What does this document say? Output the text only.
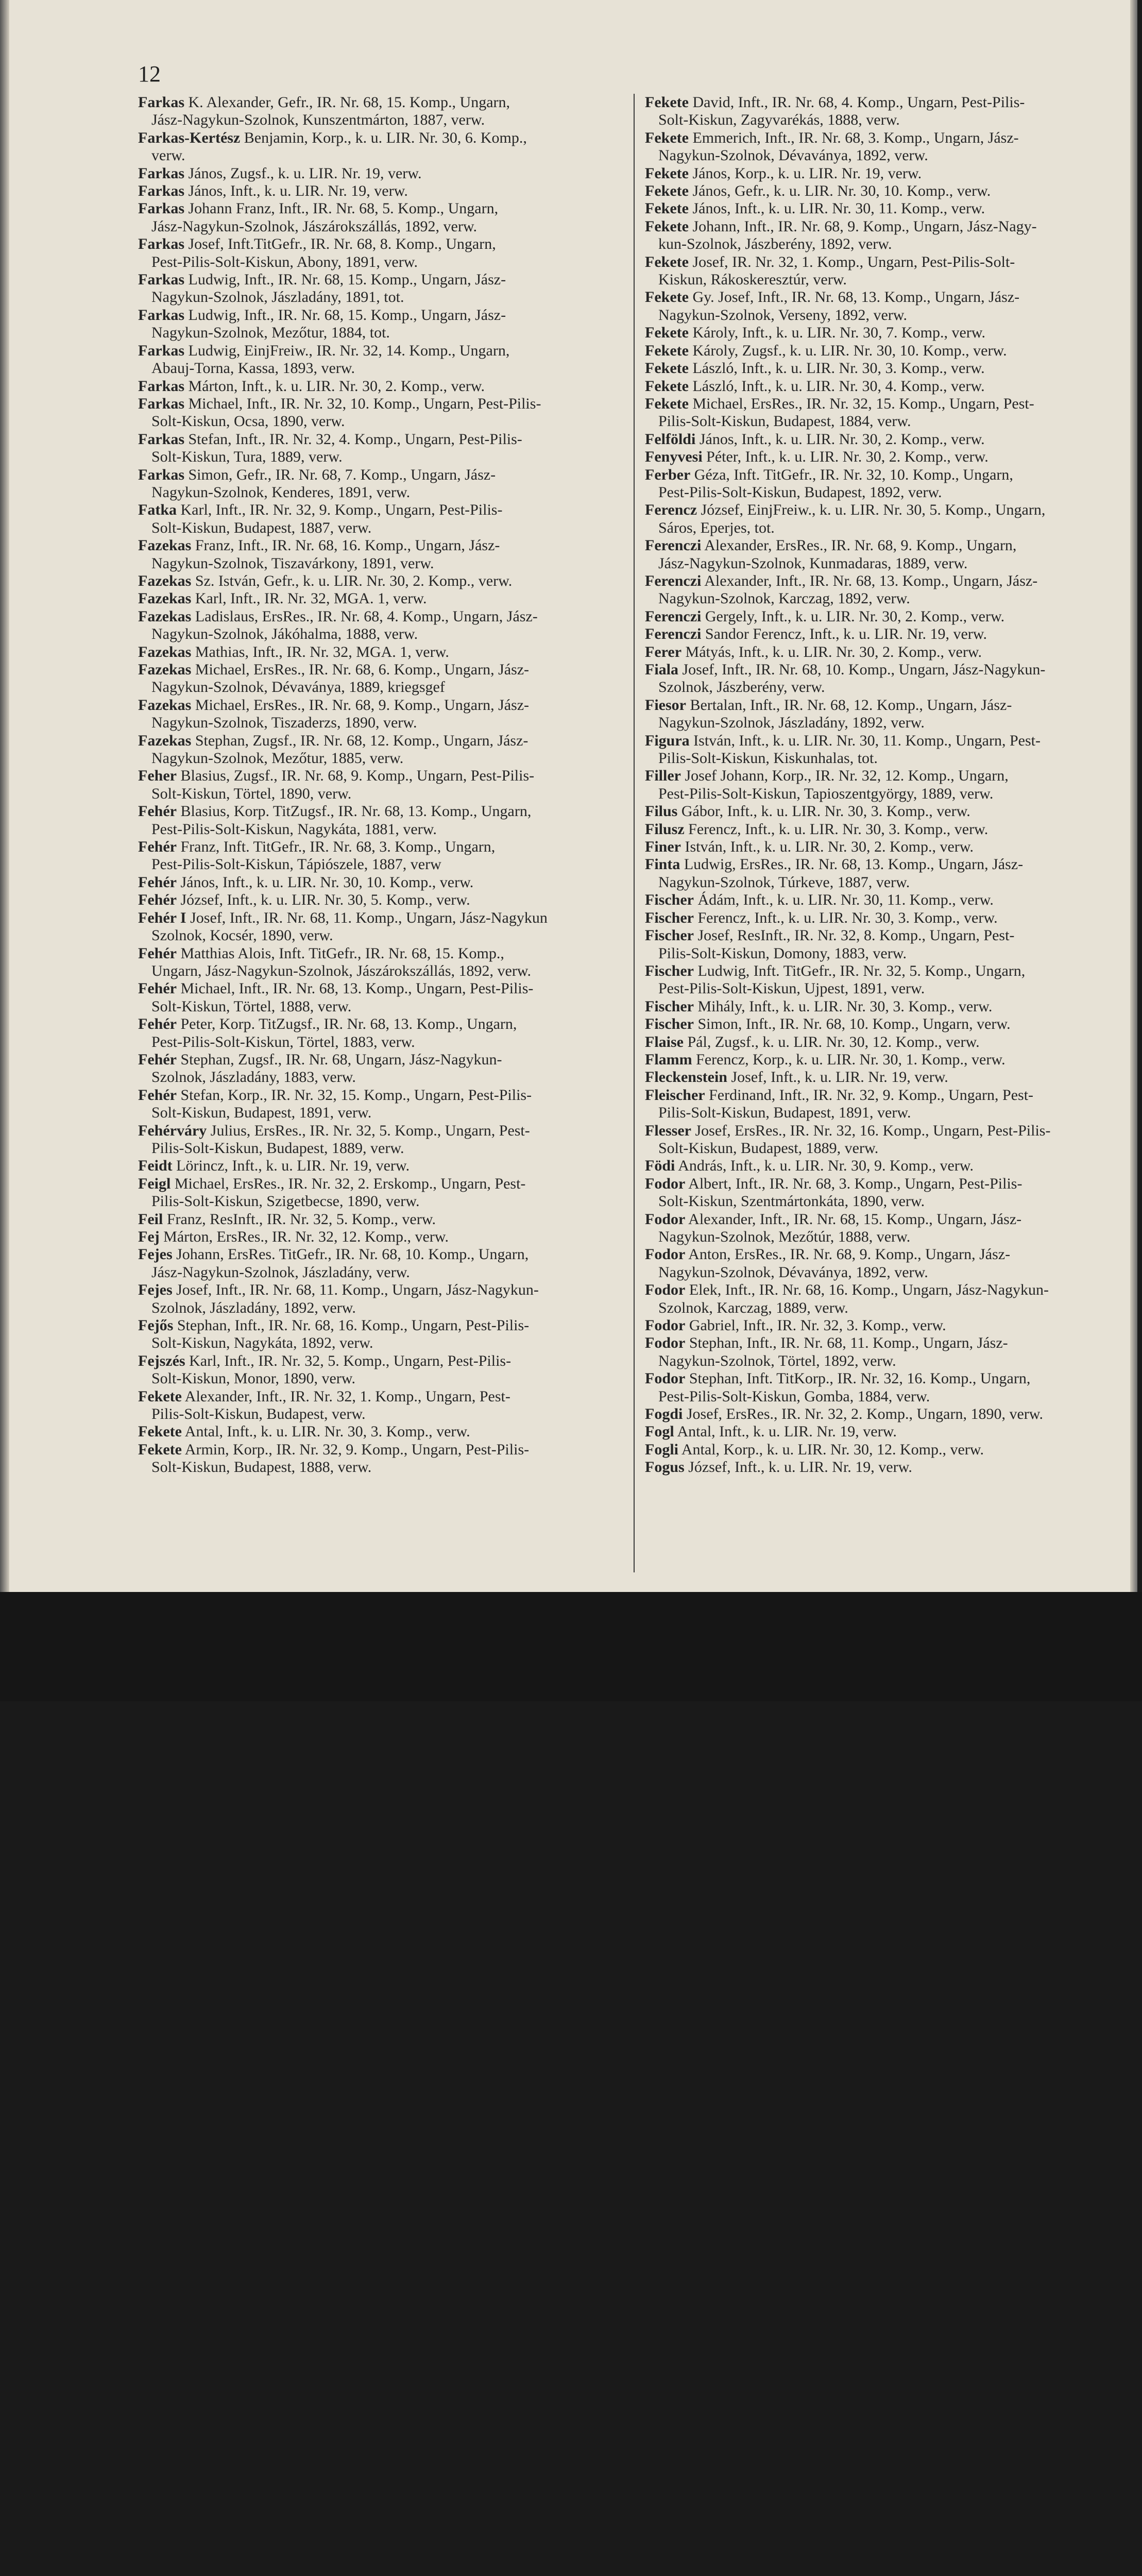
12
Farkas K. Alexander, Gefr., IR. Nr. 68, 15. Komp., Ungarn,
Jász-Nagykun-Szolnok, Kunszentmárton, 1887, verw.
Farkas-Kertész Benjamin, Korp., k. u. LIR. Nr. 30, 6. Komp.,
verw.
Farkas János, Zugsf., k. u. LIR. Nr. 19, verw.
Farkas János, Inft., k. u. LIR. Nr. 19, verw.
Farkas Johann Franz, Inft., IR. Nr. 68, 5. Komp., Ungarn,
Jász-Nagykun-Szolnok, Jászárokszállás, 1892, verw.
Farkas Josef, Inft.TitGefr., IR. Nr. 68, 8. Komp., Ungarn,
Pest-Pilis-Solt-Kiskun, Abony, 1891, verw.
Farkas Ludwig, Inft., IR. Nr. 68, 15. Komp., Ungarn, Jász-
Nagykun-Szolnok, Jászladány, 1891, tot.
Farkas Ludwig, Inft., IR. Nr. 68, 15. Komp., Ungarn, Jász-
Nagykun-Szolnok, Mezőtur, 1884, tot.
Farkas Ludwig, EinjFreiw., IR. Nr. 32, 14. Komp., Ungarn,
Abauj-Torna, Kassa, 1893, verw.
Farkas Márton, Inft., k. u. LIR. Nr. 30, 2. Komp., verw.
Farkas Michael, Inft., IR. Nr. 32, 10. Komp., Ungarn, Pest-Pilis-
Solt-Kiskun, Ocsa, 1890, verw.
Farkas Stefan, Inft., IR. Nr. 32, 4. Komp., Ungarn, Pest-Pilis-
Solt-Kiskun, Tura, 1889, verw.
Farkas Simon, Gefr., IR. Nr. 68, 7. Komp., Ungarn, Jász-
Nagykun-Szolnok, Kenderes, 1891, verw.
Fatka Karl, Inft., IR. Nr. 32, 9. Komp., Ungarn, Pest-Pilis-
Solt-Kiskun, Budapest, 1887, verw.
Fazekas Franz, Inft., IR. Nr. 68, 16. Komp., Ungarn, Jász-
Nagykun-Szolnok, Tiszavárkony, 1891, verw.
Fazekas Sz. István, Gefr., k. u. LIR. Nr. 30, 2. Komp., verw.
Fazekas Karl, Inft., IR. Nr. 32, MGA. 1, verw.
Fazekas Ladislaus, ErsRes., IR. Nr. 68, 4. Komp., Ungarn, Jász-
Nagykun-Szolnok, Jákóhalma, 1888, verw.
Fazekas Mathias, Inft., IR. Nr. 32, MGA. 1, verw.
Fazekas Michael, ErsRes., IR. Nr. 68, 6. Komp., Ungarn, Jász-
Nagykun-Szolnok, Dévaványa, 1889, kriegsgef
Fazekas Michael, ErsRes., IR. Nr. 68, 9. Komp., Ungarn, Jász-
Nagykun-Szolnok, Tiszaderzs, 1890, verw.
Fazekas Stephan, Zugsf., IR. Nr. 68, 12. Komp., Ungarn, Jász-
Nagykun-Szolnok, Mezőtur, 1885, verw.
Feher Blasius, Zugsf., IR. Nr. 68, 9. Komp., Ungarn, Pest-Pilis-
Solt-Kiskun, Törtel, 1890, verw.
Fehér Blasius, Korp. TitZugsf., IR. Nr. 68, 13. Komp., Ungarn,
Pest-Pilis-Solt-Kiskun, Nagykáta, 1881, verw.
Fehér Franz, Inft. TitGefr., IR. Nr. 68, 3. Komp., Ungarn,
Pest-Pilis-Solt-Kiskun, Tápiószele, 1887, verw
Fehér János, Inft., k. u. LIR. Nr. 30, 10. Komp., verw.
Fehér József, Inft., k. u. LIR. Nr. 30, 5. Komp., verw.
Fehér I Josef, Inft., IR. Nr. 68, 11. Komp., Ungarn, Jász-Nagykun
Szolnok, Kocsér, 1890, verw.
Fehér Matthias Alois, Inft. TitGefr., IR. Nr. 68, 15. Komp.,
Ungarn, Jász-Nagykun-Szolnok, Jászárokszállás, 1892, verw.
Fehér Michael, Inft., IR. Nr. 68, 13. Komp., Ungarn, Pest-Pilis-
Solt-Kiskun, Törtel, 1888, verw.
Fehér Peter, Korp. TitZugsf., IR. Nr. 68, 13. Komp., Ungarn,
Pest-Pilis-Solt-Kiskun, Törtel, 1883, verw.
Fehér Stephan, Zugsf., IR. Nr. 68, Ungarn, Jász-Nagykun-
Szolnok, Jászladány, 1883, verw.
Fehér Stefan, Korp., IR. Nr. 32, 15. Komp., Ungarn, Pest-Pilis-
Solt-Kiskun, Budapest, 1891, verw.
Fehérváry Julius, ErsRes., IR. Nr. 32, 5. Komp., Ungarn, Pest-
Pilis-Solt-Kiskun, Budapest, 1889, verw.
Feidt Lörincz, Inft., k. u. LIR. Nr. 19, verw.
Feigl Michael, ErsRes., IR. Nr. 32, 2. Erskomp., Ungarn, Pest-
Pilis-Solt-Kiskun, Szigetbecse, 1890, verw.
Feil Franz, ResInft., IR. Nr. 32, 5. Komp., verw.
Fej Márton, ErsRes., IR. Nr. 32, 12. Komp., verw.
Fejes Johann, ErsRes. TitGefr., IR. Nr. 68, 10. Komp., Ungarn,
Jász-Nagykun-Szolnok, Jászladány, verw.
Fejes Josef, Inft., IR. Nr. 68, 11. Komp., Ungarn, Jász-Nagykun-
Szolnok, Jászladány, 1892, verw.
Fejős Stephan, Inft., IR. Nr. 68, 16. Komp., Ungarn, Pest-Pilis-
Solt-Kiskun, Nagykáta, 1892, verw.
Fejszés Karl, Inft., IR. Nr. 32, 5. Komp., Ungarn, Pest-Pilis-
Solt-Kiskun, Monor, 1890, verw.
Fekete Alexander, Inft., IR. Nr. 32, 1. Komp., Ungarn, Pest-
Pilis-Solt-Kiskun, Budapest, verw.
Fekete Antal, Inft., k. u. LIR. Nr. 30, 3. Komp., verw.
Fekete Armin, Korp., IR. Nr. 32, 9. Komp., Ungarn, Pest-Pilis-
Solt-Kiskun, Budapest, 1888, verw.
Fekete David, Inft., IR. Nr. 68, 4. Komp., Ungarn, Pest-Pilis-
Solt-Kiskun, Zagyvarékás, 1888, verw.
Fekete Emmerich, Inft., IR. Nr. 68, 3. Komp., Ungarn, Jász-
Nagykun-Szolnok, Dévaványa, 1892, verw.
Fekete János, Korp., k. u. LIR. Nr. 19, verw.
Fekete János, Gefr., k. u. LIR. Nr. 30, 10. Komp., verw.
Fekete János, Inft., k. u. LIR. Nr. 30, 11. Komp., verw.
Fekete Johann, Inft., IR. Nr. 68, 9. Komp., Ungarn, Jász-Nagy-
kun-Szolnok, Jászberény, 1892, verw.
Fekete Josef, IR. Nr. 32, 1. Komp., Ungarn, Pest-Pilis-Solt-
Kiskun, Rákoskeresztúr, verw.
Fekete Gy. Josef, Inft., IR. Nr. 68, 13. Komp., Ungarn, Jász-
Nagykun-Szolnok, Verseny, 1892, verw.
Fekete Károly, Inft., k. u. LIR. Nr. 30, 7. Komp., verw.
Fekete Károly, Zugsf., k. u. LIR. Nr. 30, 10. Komp., verw.
Fekete László, Inft., k. u. LIR. Nr. 30, 3. Komp., verw.
Fekete László, Inft., k. u. LIR. Nr. 30, 4. Komp., verw.
Fekete Michael, ErsRes., IR. Nr. 32, 15. Komp., Ungarn, Pest-
Pilis-Solt-Kiskun, Budapest, 1884, verw.
Felföldi János, Inft., k. u. LIR. Nr. 30, 2. Komp., verw.
Fenyvesi Péter, Inft., k. u. LIR. Nr. 30, 2. Komp., verw.
Ferber Géza, Inft. TitGefr., IR. Nr. 32, 10. Komp., Ungarn,
Pest-Pilis-Solt-Kiskun, Budapest, 1892, verw.
Ferencz József, EinjFreiw., k. u. LIR. Nr. 30, 5. Komp., Ungarn,
Sáros, Eperjes, tot.
Ferenczi Alexander, ErsRes., IR. Nr. 68, 9. Komp., Ungarn,
Jász-Nagykun-Szolnok, Kunmadaras, 1889, verw.
Ferenczi Alexander, Inft., IR. Nr. 68, 13. Komp., Ungarn, Jász-
Nagykun-Szolnok, Karczag, 1892, verw.
Ferenczi Gergely, Inft., k. u. LIR. Nr. 30, 2. Komp., verw.
Ferenczi Sandor Ferencz, Inft., k. u. LIR. Nr. 19, verw.
Ferer Mátyás, Inft., k. u. LIR. Nr. 30, 2. Komp., verw.
Fiala Josef, Inft., IR. Nr. 68, 10. Komp., Ungarn, Jász-Nagykun-
Szolnok, Jászberény, verw.
Fiesor Bertalan, Inft., IR. Nr. 68, 12. Komp., Ungarn, Jász-
Nagykun-Szolnok, Jászladány, 1892, verw.
Figura István, Inft., k. u. LIR. Nr. 30, 11. Komp., Ungarn, Pest-
Pilis-Solt-Kiskun, Kiskunhalas, tot.
Filler Josef Johann, Korp., IR. Nr. 32, 12. Komp., Ungarn,
Pest-Pilis-Solt-Kiskun, Tapioszentgyörgy, 1889, verw.
Filus Gábor, Inft., k. u. LIR. Nr. 30, 3. Komp., verw.
Filusz Ferencz, Inft., k. u. LIR. Nr. 30, 3. Komp., verw.
Finer István, Inft., k. u. LIR. Nr. 30, 2. Komp., verw.
Finta Ludwig, ErsRes., IR. Nr. 68, 13. Komp., Ungarn, Jász-
Nagykun-Szolnok, Túrkeve, 1887, verw.
Fischer Ádám, Inft., k. u. LIR. Nr. 30, 11. Komp., verw.
Fischer Ferencz, Inft., k. u. LIR. Nr. 30, 3. Komp., verw.
Fischer Josef, ResInft., IR. Nr. 32, 8. Komp., Ungarn, Pest-
Pilis-Solt-Kiskun, Domony, 1883, verw.
Fischer Ludwig, Inft. TitGefr., IR. Nr. 32, 5. Komp., Ungarn,
Pest-Pilis-Solt-Kiskun, Ujpest, 1891, verw.
Fischer Mihály, Inft., k. u. LIR. Nr. 30, 3. Komp., verw.
Fischer Simon, Inft., IR. Nr. 68, 10. Komp., Ungarn, verw.
Flaise Pál, Zugsf., k. u. LIR. Nr. 30, 12. Komp., verw.
Flamm Ferencz, Korp., k. u. LIR. Nr. 30, 1. Komp., verw.
Fleckenstein Josef, Inft., k. u. LIR. Nr. 19, verw.
Fleischer Ferdinand, Inft., IR. Nr. 32, 9. Komp., Ungarn, Pest-
Pilis-Solt-Kiskun, Budapest, 1891, verw.
Flesser Josef, ErsRes., IR. Nr. 32, 16. Komp., Ungarn, Pest-Pilis-
Solt-Kiskun, Budapest, 1889, verw.
Födi András, Inft., k. u. LIR. Nr. 30, 9. Komp., verw.
Fodor Albert, Inft., IR. Nr. 68, 3. Komp., Ungarn, Pest-Pilis-
Solt-Kiskun, Szentmártonkáta, 1890, verw.
Fodor Alexander, Inft., IR. Nr. 68, 15. Komp., Ungarn, Jász-
Nagykun-Szolnok, Mezőtúr, 1888, verw.
Fodor Anton, ErsRes., IR. Nr. 68, 9. Komp., Ungarn, Jász-
Nagykun-Szolnok, Dévaványa, 1892, verw.
Fodor Elek, Inft., IR. Nr. 68, 16. Komp., Ungarn, Jász-Nagykun-
Szolnok, Karczag, 1889, verw.
Fodor Gabriel, Inft., IR. Nr. 32, 3. Komp., verw.
Fodor Stephan, Inft., IR. Nr. 68, 11. Komp., Ungarn, Jász-
Nagykun-Szolnok, Törtel, 1892, verw.
Fodor Stephan, Inft. TitKorp., IR. Nr. 32, 16. Komp., Ungarn,
Pest-Pilis-Solt-Kiskun, Gomba, 1884, verw.
Fogdi Josef, ErsRes., IR. Nr. 32, 2. Komp., Ungarn, 1890, verw.
Fogl Antal, Inft., k. u. LIR. Nr. 19, verw.
Fogli Antal, Korp., k. u. LIR. Nr. 30, 12. Komp., verw.
Fogus József, Inft., k. u. LIR. Nr. 19, verw.
